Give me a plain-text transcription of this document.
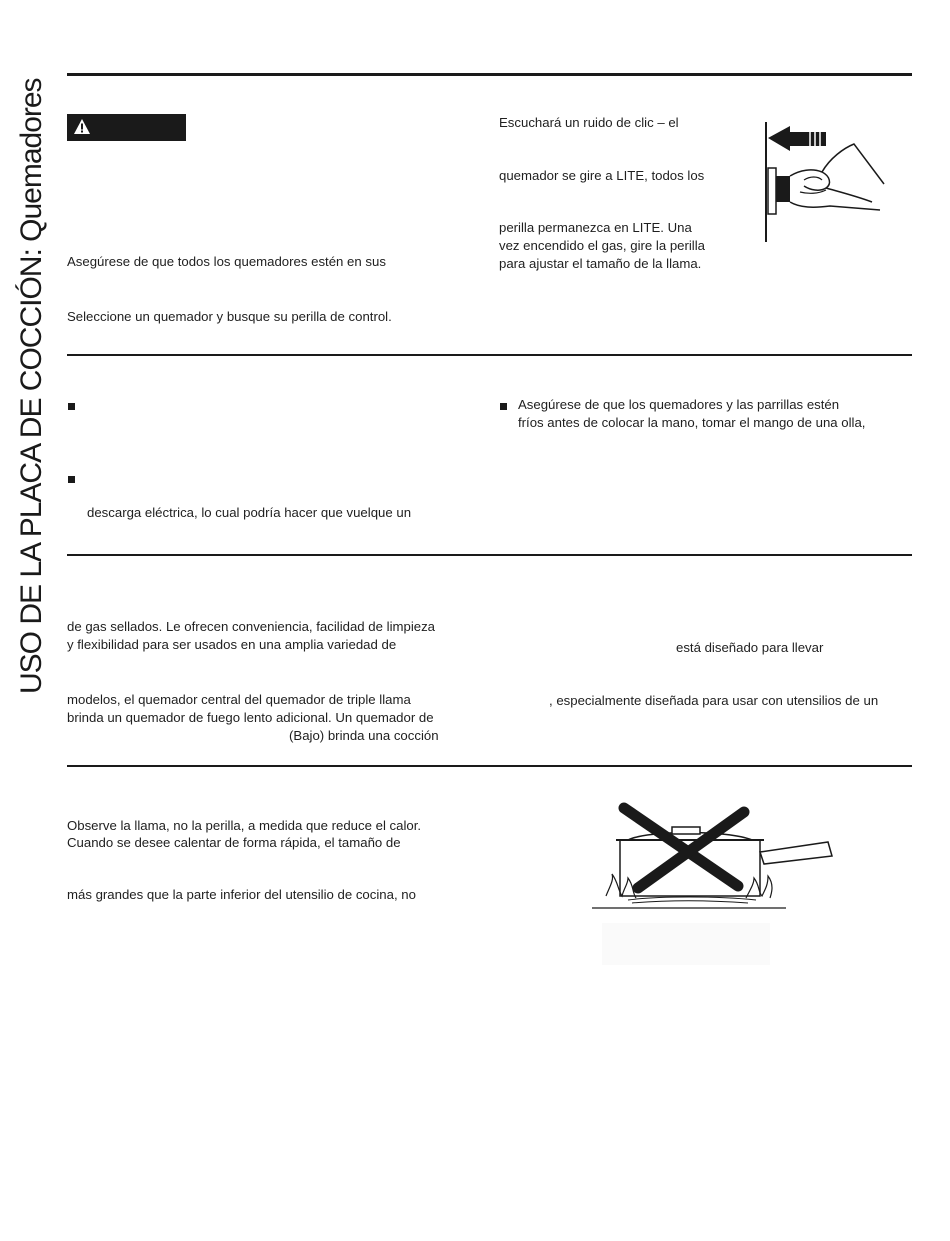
USO DE LA PLACA DE COCCIÓN: Quemadores Asegúrese de que todos los quemadores estén en sus
Seleccione un quemador y busque su perilla de control.
Escuchará un ruido de clic – el
quemador se gire a LITE, todos los
perilla permanezca en LITE. Una
vez encendido el gas, gire la perilla
para ajustar el tamaño de la llama.
descarga eléctrica, lo cual podría hacer que vuelque un
Asegúrese de que los quemadores y las parrillas estén
fríos antes de colocar la mano, tomar el mango de una olla,
de gas sellados. Le ofrecen conveniencia, facilidad de limpieza
y flexibilidad para ser usados en una amplia variedad de
modelos, el quemador central del quemador de triple llama
brinda un quemador de fuego lento adicional. Un quemador de
(Bajo) brinda una cocción
está diseñado para llevar
, especialmente diseñada para usar con utensilios de un
Observe la llama, no la perilla, a medida que reduce el calor.
Cuando se desee calentar de forma rápida, el tamaño de
más grandes que la parte inferior del utensilio de cocina, no
